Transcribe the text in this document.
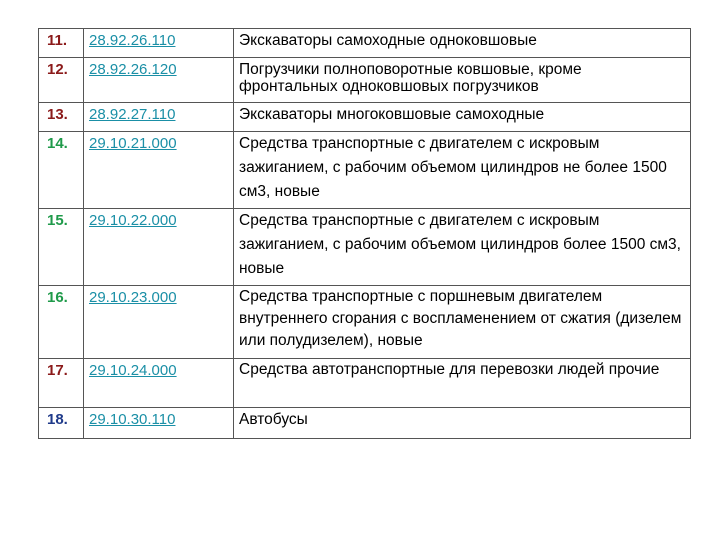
11.	28.92.26.110	Экскаваторы самоходные одноковшовые
12.	28.92.26.120	Погрузчики полноповоротные ковшовые, кроме фронтальных одноковшовых погрузчиков
13.	28.92.27.110	Экскаваторы многоковшовые самоходные
14.	29.10.21.000	Средства транспортные с двигателем с искровым зажиганием, с рабочим объемом цилиндров не более 1500 см3, новые
15.	29.10.22.000	Средства транспортные с двигателем с искровым зажиганием, с рабочим объемом цилиндров более 1500 см3, новые
16.	29.10.23.000	Средства транспортные с поршневым двигателем внутреннего сгорания с воспламенением от сжатия (дизелем или полудизелем), новые
17.	29.10.24.000	Средства автотранспортные для перевозки людей прочие
18.	29.10.30.110	Автобусы
